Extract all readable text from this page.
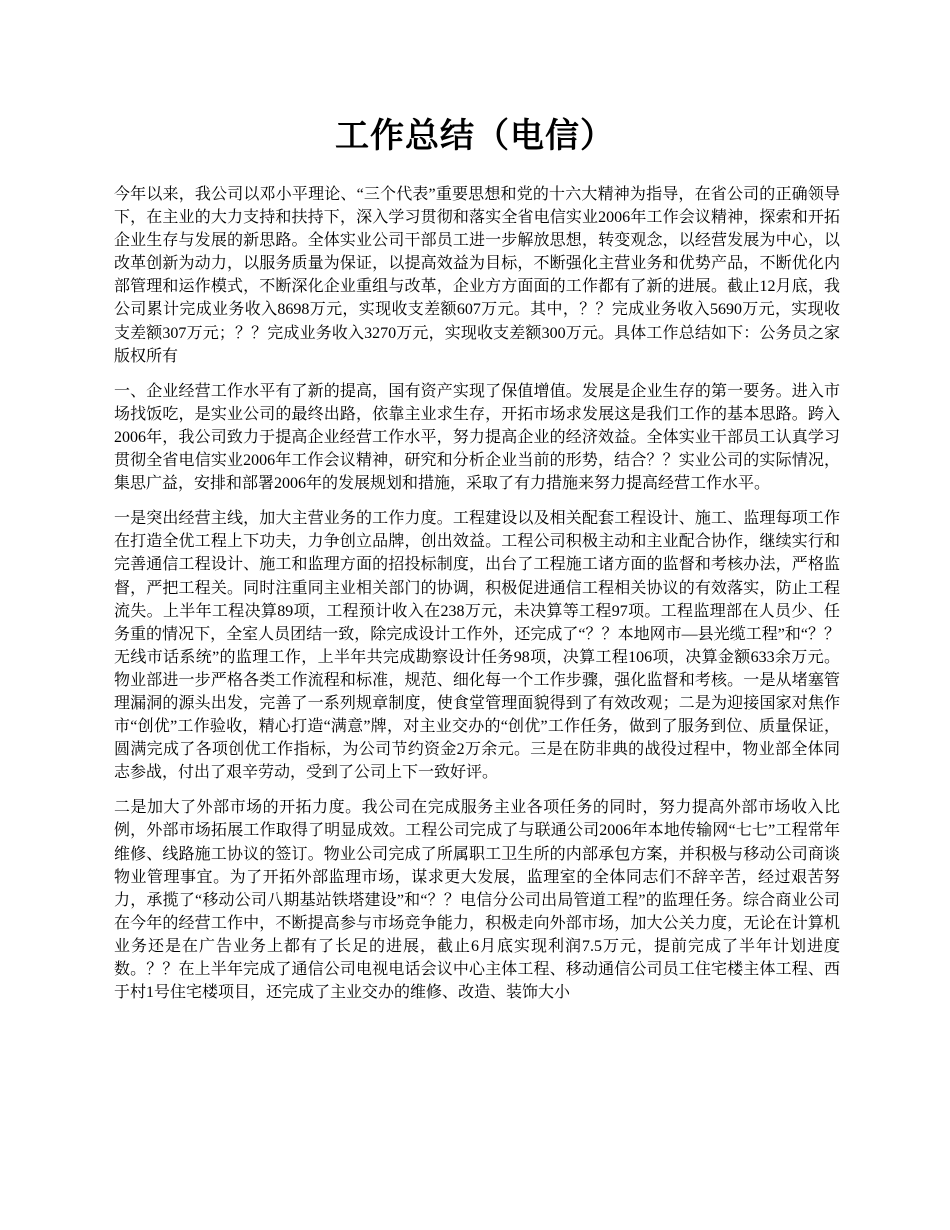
工作总结（电信）

今年以来，我公司以邓小平理论、“三个代表”重要思想和党的十六大精神为指导，在省公司的正确领导下，在主业的大力支持和扶持下，深入学习贯彻和落实全省电信实业2006年工作会议精神，探索和开拓企业生存与发展的新思路。全体实业公司干部员工进一步解放思想，转变观念，以经营发展为中心，以改革创新为动力，以服务质量为保证，以提高效益为目标，不断强化主营业务和优势产品，不断优化内部管理和运作模式，不断深化企业重组与改革，企业方方面面的工作都有了新的进展。截止12月底，我公司累计完成业务收入8698万元，实现收支差额607万元。其中，？？完成业务收入5690万元，实现收支差额307万元；？？完成业务收入3270万元，实现收支差额300万元。具体工作总结如下：公务员之家版权所有

一、企业经营工作水平有了新的提高，国有资产实现了保值增值。发展是企业生存的第一要务。进入市场找饭吃，是实业公司的最终出路，依靠主业求生存，开拓市场求发展这是我们工作的基本思路。跨入2006年，我公司致力于提高企业经营工作水平，努力提高企业的经济效益。全体实业干部员工认真学习贯彻全省电信实业2006年工作会议精神，研究和分析企业当前的形势，结合？？实业公司的实际情况，集思广益，安排和部署2006年的发展规划和措施，采取了有力措施来努力提高经营工作水平。

一是突出经营主线，加大主营业务的工作力度。工程建设以及相关配套工程设计、施工、监理每项工作在打造全优工程上下功夫，力争创立品牌，创出效益。工程公司积极主动和主业配合协作，继续实行和完善通信工程设计、施工和监理方面的招投标制度，出台了工程施工诸方面的监督和考核办法，严格监督，严把工程关。同时注重同主业相关部门的协调，积极促进通信工程相关协议的有效落实，防止工程流失。上半年工程决算89项，工程预计收入在238万元，未决算等工程97项。工程监理部在人员少、任务重的情况下，全室人员团结一致，除完成设计工作外，还完成了“？？本地网市—县光缆工程”和“？？无线市话系统”的监理工作，上半年共完成勘察设计任务98项，决算工程106项，决算金额633余万元。物业部进一步严格各类工作流程和标准，规范、细化每一个工作步骤，强化监督和考核。一是从堵塞管理漏洞的源头出发，完善了一系列规章制度，使食堂管理面貌得到了有效改观；二是为迎接国家对焦作市“创优”工作验收，精心打造“满意”牌，对主业交办的“创优”工作任务，做到了服务到位、质量保证，圆满完成了各项创优工作指标，为公司节约资金2万余元。三是在防非典的战役过程中，物业部全体同志参战，付出了艰辛劳动，受到了公司上下一致好评。

二是加大了外部市场的开拓力度。我公司在完成服务主业各项任务的同时，努力提高外部市场收入比例，外部市场拓展工作取得了明显成效。工程公司完成了与联通公司2006年本地传输网“七七”工程常年维修、线路施工协议的签订。物业公司完成了所属职工卫生所的内部承包方案，并积极与移动公司商谈物业管理事宜。为了开拓外部监理市场，谋求更大发展，监理室的全体同志们不辞辛苦，经过艰苦努力，承揽了“移动公司八期基站铁塔建设”和“？？电信分公司出局管道工程”的监理任务。综合商业公司在今年的经营工作中，不断提高参与市场竞争能力，积极走向外部市场，加大公关力度，无论在计算机业务还是在广告业务上都有了长足的进展，截止6月底实现利润7.5万元，提前完成了半年计划进度数。？？在上半年完成了通信公司电视电话会议中心主体工程、移动通信公司员工住宅楼主体工程、西于村1号住宅楼项目，还完成了主业交办的维修、改造、装饰大小
